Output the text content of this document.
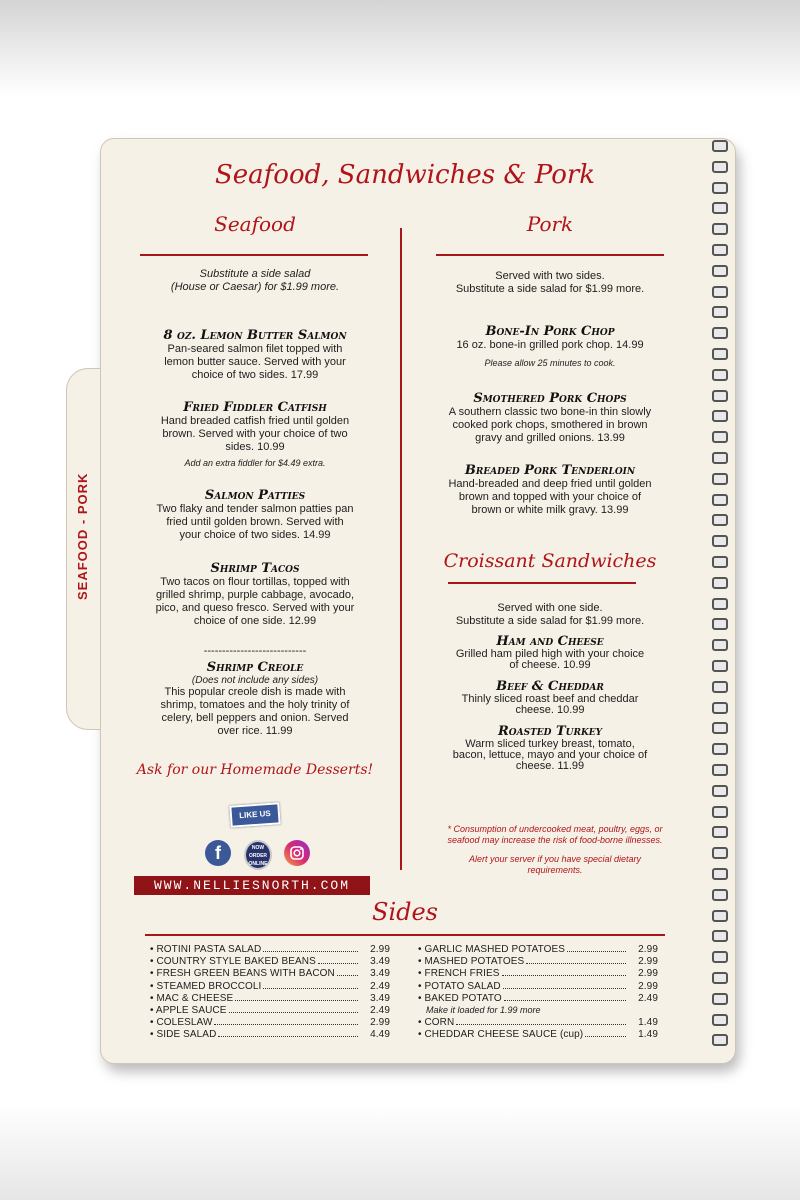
SEAFOOD - PORK
Seafood, Sandwiches & Pork
Seafood
Substitute a side salad
(House or Caesar) for $1.99 more.
8 oz. Lemon Butter Salmon
Pan-seared salmon filet topped with
lemon butter sauce. Served with your
choice of two sides. 17.99
Fried Fiddler Catfish
Hand breaded catfish fried until golden
brown. Served with your choice of two
sides. 10.99
Add an extra fiddler for $4.49 extra.
Salmon Patties
Two flaky and tender salmon patties pan
fried until golden brown. Served with
your choice of two sides. 14.99
Shrimp Tacos
Two tacos on flour tortillas, topped with
grilled shrimp, purple cabbage, avocado,
pico, and queso fresco. Served with your
choice of one side. 12.99
----------------------------
Shrimp Creole
(Does not include any sides)
This popular creole dish is made with
shrimp, tomatoes and the holy trinity of
celery, bell peppers and onion. Served
over rice. 11.99
Ask for our Homemade Desserts!
LIKE US
f	NOW ORDER ONLINE
WWW.NELLIESNORTH.COM
Pork
Served with two sides.
Substitute a side salad for $1.99 more.
Bone-In Pork Chop
16 oz. bone-in grilled pork chop. 14.99
Please allow 25 minutes to cook.
Smothered Pork Chops
A southern classic two bone-in thin slowly
cooked pork chops, smothered in brown
gravy and grilled onions. 13.99
Breaded Pork Tenderloin
Hand-breaded and deep fried until golden
brown and topped with your choice of
brown or white milk gravy. 13.99
Croissant Sandwiches
Served with one side.
Substitute a side salad for $1.99 more.
Ham and Cheese
Grilled ham piled high with your choice
of cheese. 10.99
Beef & Cheddar
Thinly sliced roast beef and cheddar
cheese. 10.99
Roasted Turkey
Warm sliced turkey breast, tomato,
bacon, lettuce, mayo and your choice of
cheese. 11.99
* Consumption of undercooked meat, poultry, eggs, or
seafood may increase the risk of food-borne illnesses.
Alert your server if you have special dietary
requirements.
Sides
• ROTINI PASTA SALAD	2.99
• COUNTRY STYLE BAKED BEANS	3.49
• FRESH GREEN BEANS WITH BACON	3.49
• STEAMED BROCCOLI	2.49
• MAC & CHEESE	3.49
• APPLE SAUCE	2.49
• COLESLAW	2.99
• SIDE SALAD	4.49
• GARLIC MASHED POTATOES	2.99
• MASHED POTATOES	2.99
• FRENCH FRIES	2.99
• POTATO SALAD	2.99
• BAKED POTATO	2.49
Make it loaded for 1.99 more
• CORN	1.49
• CHEDDAR CHEESE SAUCE (cup)	1.49
